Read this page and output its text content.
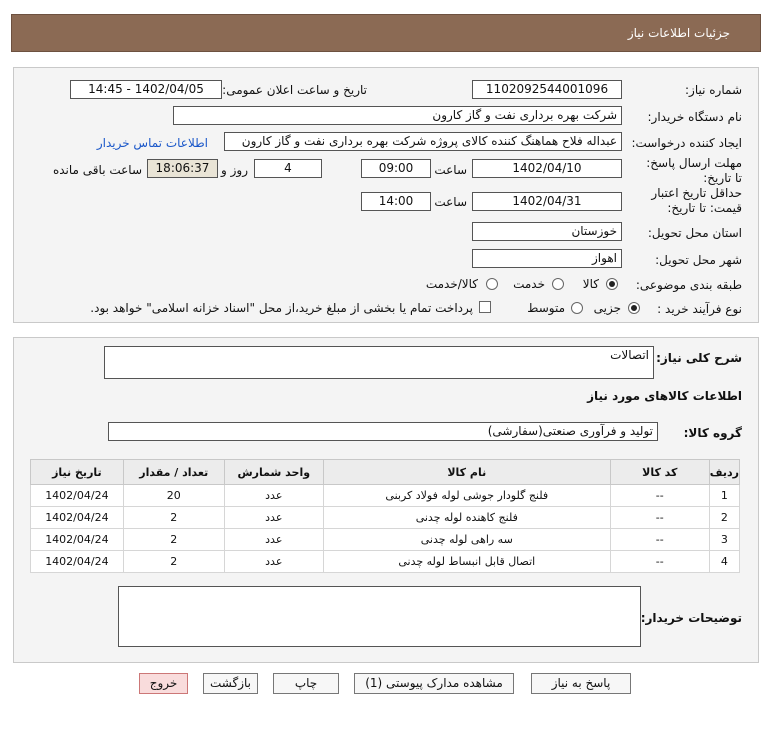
جزئیات اطلاعات نیاز
شماره نیاز:
1102092544001096
تاریخ و ساعت اعلان عمومی:
1402/04/05 - 14:45
نام دستگاه خریدار:
شرکت بهره برداری نفت و گاز کارون
ایجاد کننده درخواست:
عبداله فلاح هماهنگ کننده کالای پروژه شرکت بهره برداری نفت و گاز کارون
اطلاعات تماس خریدار
مهلت ارسال پاسخ: تا تاریخ:
1402/04/10
ساعت
09:00
4
روز و
18:06:37
ساعت باقی مانده
حداقل تاریخ اعتبار قیمت: تا تاریخ:
1402/04/31
ساعت
14:00
استان محل تحویل:
خوزستان
شهر محل تحویل:
اهواز
طبقه بندی موضوعی:
کالا
خدمت
کالا/خدمت
نوع فرآیند خرید :
جزیی
متوسط
پرداخت تمام یا بخشی از مبلغ خرید،از محل "اسناد خزانه اسلامی" خواهد بود.
شرح کلی نیاز:
اتصالات
اطلاعات کالاهای مورد نیاز
گروه کالا:
تولید و فرآوری صنعتی(سفارشی)
ردیف	کد کالا	نام کالا	واحد شمارش	تعداد / مقدار	تاریخ نیاز
1	--	فلنج گلودار جوشی لوله فولاد کربنی	عدد	20	1402/04/24
2	--	فلنج کاهنده لوله چدنی	عدد	2	1402/04/24
3	--	سه راهی لوله چدنی	عدد	2	1402/04/24
4	--	اتصال قابل انبساط لوله چدنی	عدد	2	1402/04/24
توضیحات خریدار:
پاسخ به نیاز
مشاهده مدارک پیوستی (1)
چاپ
بازگشت
خروج
